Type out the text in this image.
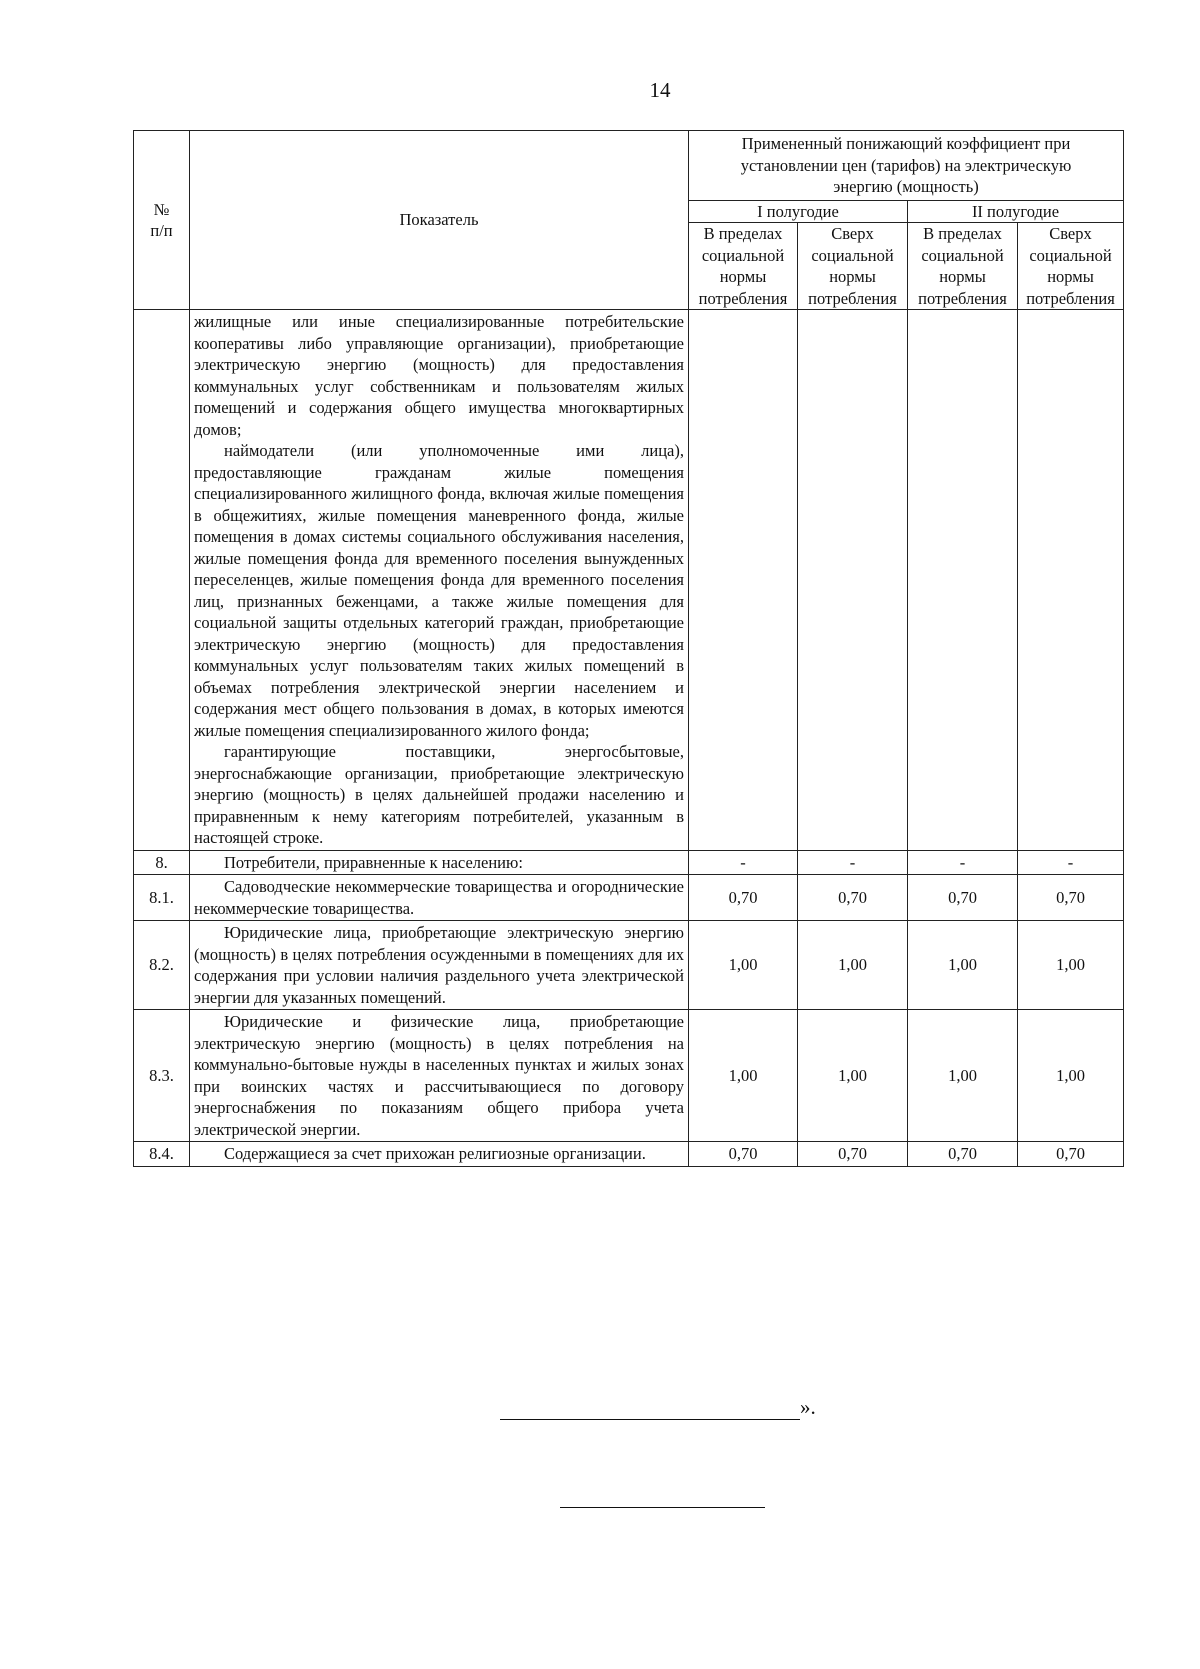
14
№
п/п	Показатель	Примененный понижающий коэффициент при установлении цен (тарифов) на электрическую энергию (мощность)			
		I полугодие		II полугодие	
		В пределах социальной нормы потребления	Сверх социальной нормы потребления	В пределах социальной нормы потребления	Сверх социальной нормы потребления

	жилищные или иные специализированные потребительские кооперативы либо управляющие организации), приобретающие электрическую энергию (мощность) для предоставления коммунальных услуг собственникам и пользователям жилых помещений и содержания общего имущества многоквартирных домов;

наймодатели (или уполномоченные ими лица), предоставляющие гражданам жилые помещения специализированного жилищного фонда, включая жилые помещения в общежитиях, жилые помещения маневренного фонда, жилые помещения в домах системы социального обслуживания населения, жилые помещения фонда для временного поселения вынужденных переселенцев, жилые помещения фонда для временного поселения лиц, признанных беженцами, а также жилые помещения для социальной защиты отдельных категорий граждан, приобретающие электрическую энергию (мощность) для предоставления коммунальных услуг пользователям таких жилых помещений в объемах потребления электрической энергии населением и содержания мест общего пользования в домах, в которых имеются жилые помещения специализированного жилого фонда;

гарантирующие поставщики, энергосбытовые, энергоснабжающие организации, приобретающие электрическую энергию (мощность) в целях дальнейшей продажи населению и приравненным к нему категориям потребителей, указанным в настоящей строке.				

8.	Потребители, приравненные к населению:	-	-	-	-
8.1.	Садоводческие некоммерческие товарищества и огороднические некоммерческие товарищества.	0,70	0,70	0,70	0,70
8.2.	Юридические лица, приобретающие электрическую энергию (мощность) в целях потребления осужденными в помещениях для их содержания при условии наличия раздельного учета электрической энергии для указанных помещений.	1,00	1,00	1,00	1,00
8.3.	Юридические и физические лица, приобретающие электрическую энергию (мощность) в целях потребления на коммунально-бытовые нужды в населенных пунктах и жилых зонах при воинских частях и рассчитывающиеся по договору энергоснабжения по показаниям общего прибора учета электрической энергии.	1,00	1,00	1,00	1,00
8.4.	Содержащиеся за счет прихожан религиозные организации.	0,70	0,70	0,70	0,70
».
